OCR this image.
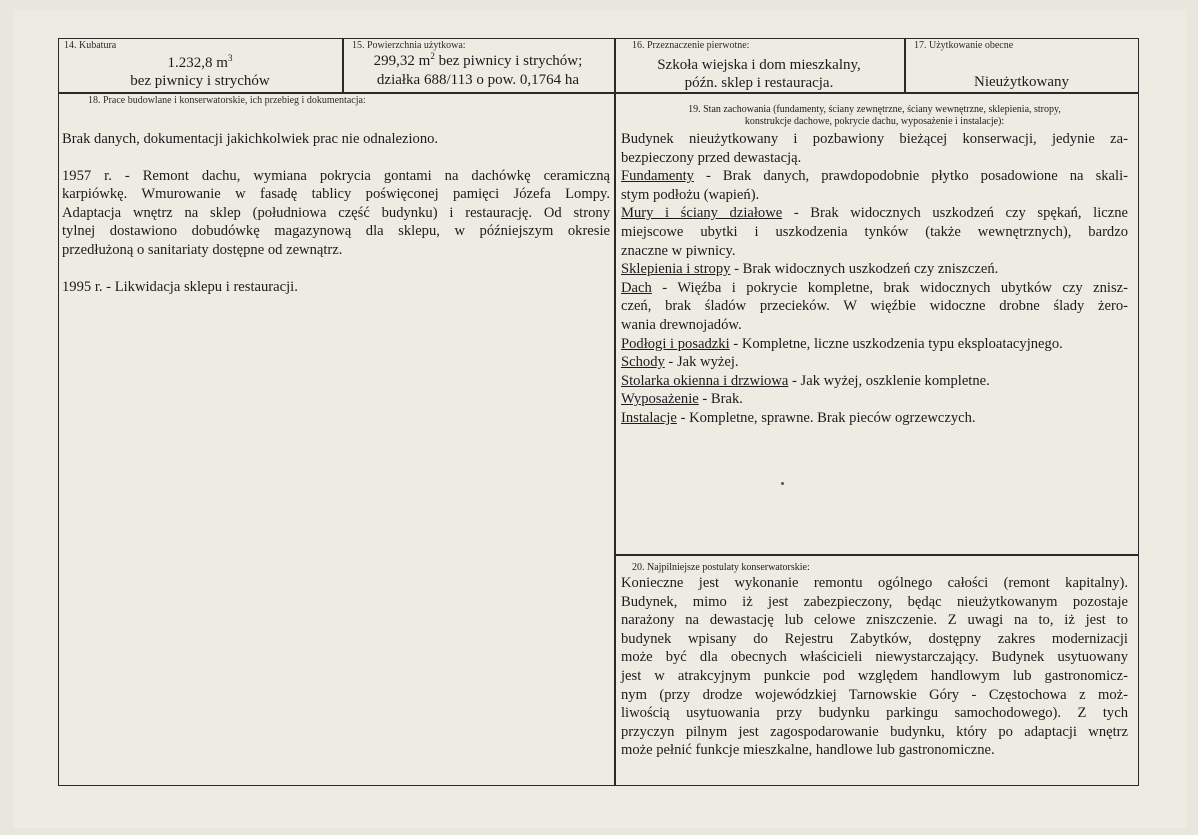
14. Kubatura
1.232,8 $m^3$
bez piwnicy i strychów
15. Powierzchnia użytkowa:
299,32 $m^2$ bez piwnicy i strychów;
działka 688/113 o pow. 0,1764 ha
16. Przeznaczenie pierwotne:
Szkoła wiejska i dom mieszkalny,
późn. sklep i restauracja.
17. Użytkowanie obecne
Nieużytkowany
18. Prace budowlane i konserwatorskie, ich przebieg i dokumentacja:

Brak danych, dokumentacji jakichkolwiek prac nie odnaleziono.

1957 r. - Remont dachu, wymiana pokrycia gontami na dachówkę ceramiczną
karpiówkę. Wmurowanie w fasadę tablicy poświęconej pamięci Józefa Lompy.
Adaptacja wnętrz na sklep (południowa część budynku) i restaurację. Od strony
tylnej dostawiono dobudówkę magazynową dla sklepu, w późniejszym okresie
przedłużoną o sanitariaty dostępne od zewnątrz.

1995 r. - Likwidacja sklepu i restauracji.

19. Stan zachowania (fundamenty, ściany zewnętrzne, ściany wewnętrzne, sklepienia, stropy,
konstrukcje dachowe, pokrycie dachu, wyposażenie i instalacje):
Budynek nieużytkowany i pozbawiony bieżącej konserwacji, jedynie za-
bezpieczony przed dewastacją.
Fundamenty - Brak danych, prawdopodobnie płytko posadowione na skali-
stym podłożu (wapień).
Mury i ściany działowe - Brak widocznych uszkodzeń czy spękań, liczne
miejscowe ubytki i uszkodzenia tynków (także wewnętrznych), bardzo
znaczne w piwnicy.
Sklepienia i stropy - Brak widocznych uszkodzeń czy zniszczeń.
Dach - Więźba i pokrycie kompletne, brak widocznych ubytków czy znisz-
czeń, brak śladów przecieków. W więźbie widoczne drobne ślady żero-
wania drewnojadów.
Podłogi i posadzki - Kompletne, liczne uszkodzenia typu eksploatacyjnego.
Schody - Jak wyżej.
Stolarka okienna i drzwiowa - Jak wyżej, oszklenie kompletne.
Wyposażenie - Brak.
Instalacje - Kompletne, sprawne. Brak pieców ogrzewczych.
20. Najpilniejsze postulaty konserwatorskie:
Konieczne jest wykonanie remontu ogólnego całości (remont kapitalny).
Budynek, mimo iż jest zabezpieczony, będąc nieużytkowanym pozostaje
narażony na dewastację lub celowe zniszczenie. Z uwagi na to, iż jest to
budynek wpisany do Rejestru Zabytków, dostępny zakres modernizacji
może być dla obecnych właścicieli niewystarczający. Budynek usytuowany
jest w atrakcyjnym punkcie pod względem handlowym lub gastronomicz-
nym (przy drodze wojewódzkiej Tarnowskie Góry - Częstochowa z moż-
liwością usytuowania przy budynku parkingu samochodowego). Z tych
przyczyn pilnym jest zagospodarowanie budynku, który po adaptacji wnętrz
może pełnić funkcje mieszkalne, handlowe lub gastronomiczne.
